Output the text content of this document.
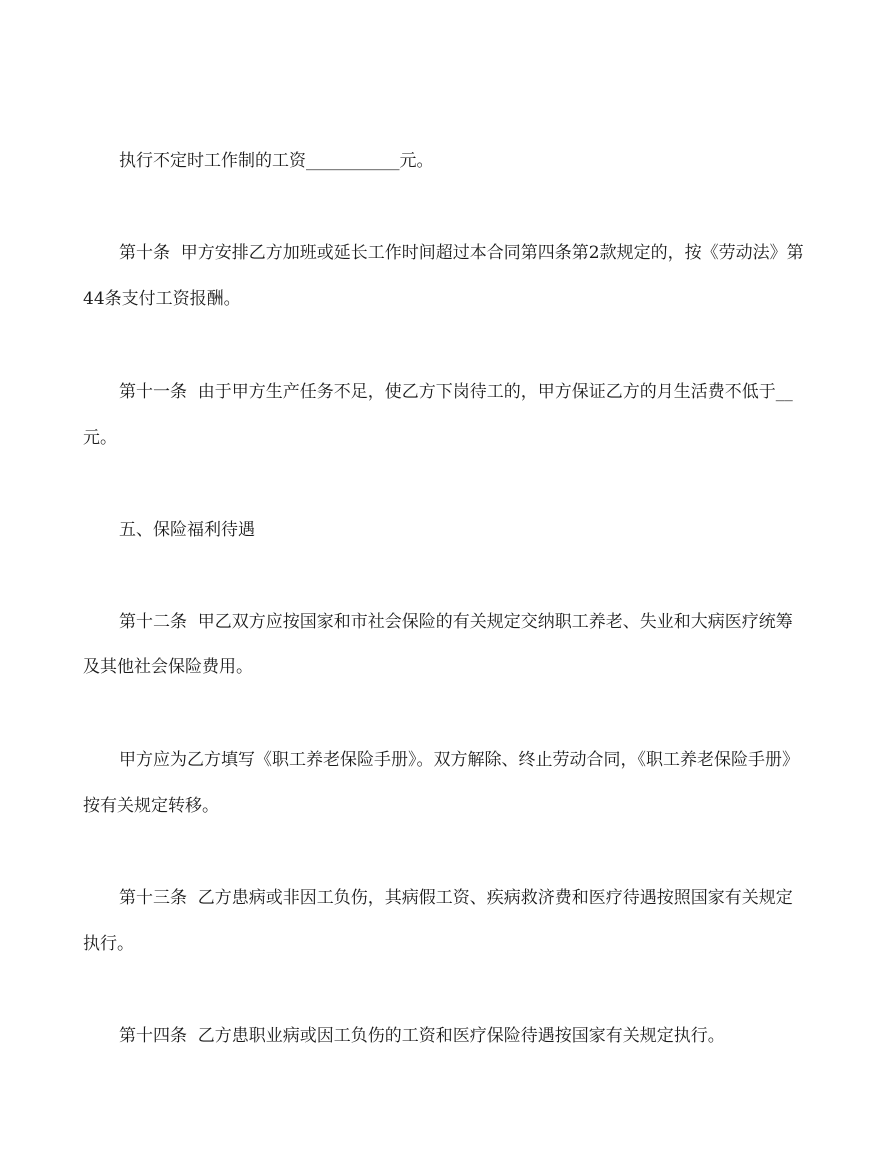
执行不定时工作制的工资___________元。
第十条  甲方安排乙方加班或延长工作时间超过本合同第四条第2款规定的，按《劳动法》第
44条支付工资报酬。
第十一条  由于甲方生产任务不足，使乙方下岗待工的，甲方保证乙方的月生活费不低于__
元。
五、保险福利待遇
第十二条  甲乙双方应按国家和市社会保险的有关规定交纳职工养老、失业和大病医疗统筹
及其他社会保险费用。
甲方应为乙方填写《职工养老保险手册》。双方解除、终止劳动合同，《职工养老保险手册》
按有关规定转移。
第十三条  乙方患病或非因工负伤，其病假工资、疾病救济费和医疗待遇按照国家有关规定
执行。
第十四条  乙方患职业病或因工负伤的工资和医疗保险待遇按国家有关规定执行。
